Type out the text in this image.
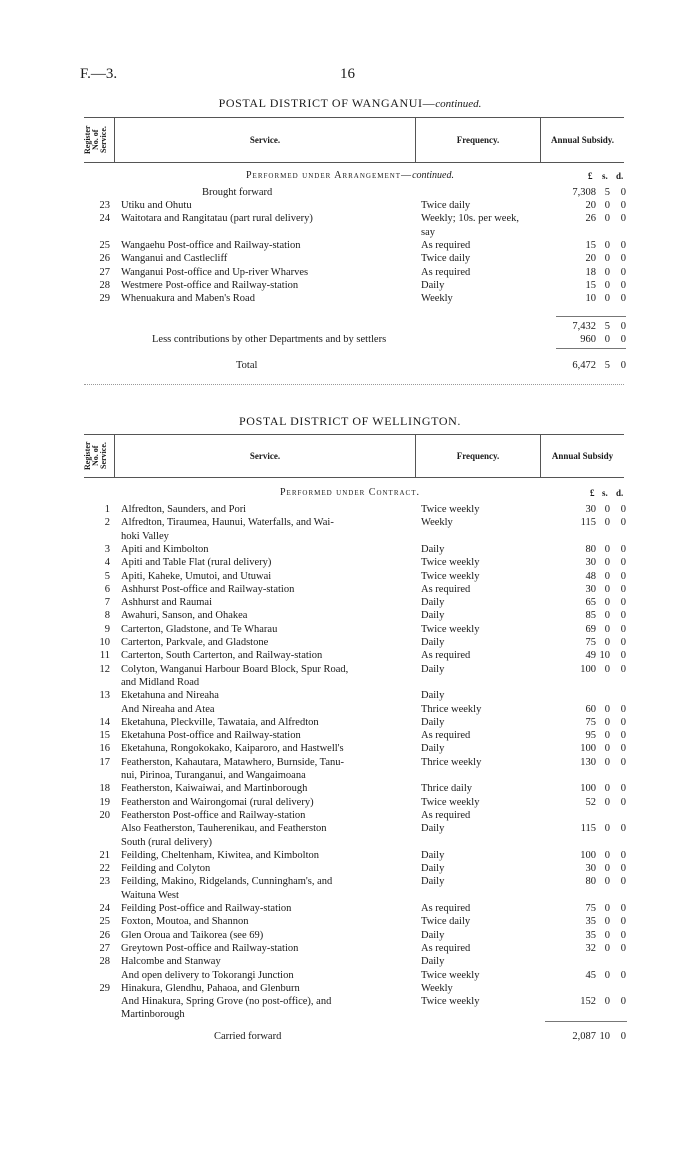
F.—3.	16
POSTAL DISTRICT OF WANGANUI—continued.
Register No. of Service.	Service.	Frequency.	Annual Subsidy.
Performed under Arrangement—continued.	£ s. d.
Brought forward	7,308 5	0
23 Utiku and Ohutu	Twice daily	20 0	0
24 Waitotara and Rangitatau (part rural delivery)	Weekly; 10s. per week,	26 0	0
say
25 Wangaehu Post-office and Railway-station	As required	15 0	0
26 Wanganui and Castlecliff	Twice daily	20 0	0
27 Wanganui Post-office and Up-river Wharves	As required	18 0	0
28 Westmere Post-office and Railway-station	Daily	15 0	0
29 Whenuakura and Maben's Road	Weekly	10 0	0
7,432 5	0
Less contributions by other Departments and by settlers	960 0	0
Total	6,472 5	0
POSTAL DISTRICT OF WELLINGTON.
Register No. of Service.	Service.	Frequency.	Annual Subsidy
Performed under Contract.	£ s. d.
1 Alfredton, Saunders, and Pori	Twice weekly	30 0	0
2 Alfredton, Tiraumea, Haunui, Waterfalls, and Wai-	Weekly	115 0	0
hoki Valley
3 Apiti and Kimbolton	Daily	80 0	0
4 Apiti and Table Flat (rural delivery)	Twice weekly	30 0	0
5 Apiti, Kaheke, Umutoi, and Utuwai	Twice weekly	48 0	0
6 Ashhurst Post-office and Railway-station	As required	30 0	0
7 Ashhurst and Raumai	Daily	65 0	0
8 Awahuri, Sanson, and Ohakea	Daily	85 0	0
9 Carterton, Gladstone, and Te Wharau	Twice weekly	69 0	0
10 Carterton, Parkvale, and Gladstone	Daily	75 0	0
11 Carterton, South Carterton, and Railway-station	As required	49 10	0
12 Colyton, Wanganui Harbour Board Block, Spur Road,	Daily	100 0	0
and Midland Road
13 Eketahuna and Nireaha	Daily
And Nireaha and Atea	Thrice weekly	60 0	0
14 Eketahuna, Pleckville, Tawataia, and Alfredton	Daily	75 0	0
15 Eketahuna Post-office and Railway-station	As required	95 0	0
16 Eketahuna, Rongokokako, Kaiparoro, and Hastwell's	Daily	100 0	0
17 Featherston, Kahautara, Matawhero, Burnside, Tanu-	Thrice weekly	130 0	0
nui, Pirinoa, Turanganui, and Wangaimoana
18 Featherston, Kaiwaiwai, and Martinborough	Thrice daily	100 0	0
19 Featherston and Wairongomai (rural delivery)	Twice weekly	52 0	0
20 Featherston Post-office and Railway-station	As required
Also Featherston, Tauherenikau, and Featherston	Daily	115 0	0
South (rural delivery)
21 Feilding, Cheltenham, Kiwitea, and Kimbolton	Daily	100 0	0
22 Feilding and Colyton	Daily	30 0	0
23 Feilding, Makino, Ridgelands, Cunningham's, and	Daily	80 0	0
Waituna West
24 Feilding Post-office and Railway-station	As required	75 0	0
25 Foxton, Moutoa, and Shannon	Twice daily	35 0	0
26 Glen Oroua and Taikorea (see 69)	Daily	35 0	0
27 Greytown Post-office and Railway-station	As required	32 0	0
28 Halcombe and Stanway	Daily
And open delivery to Tokorangi Junction	Twice weekly	45 0	0
29 Hinakura, Glendhu, Pahaoa, and Glenburn	Weekly
And Hinakura, Spring Grove (no post-office), and	Twice weekly	152 0	0
Martinborough
Carried forward	2,087 10	0
